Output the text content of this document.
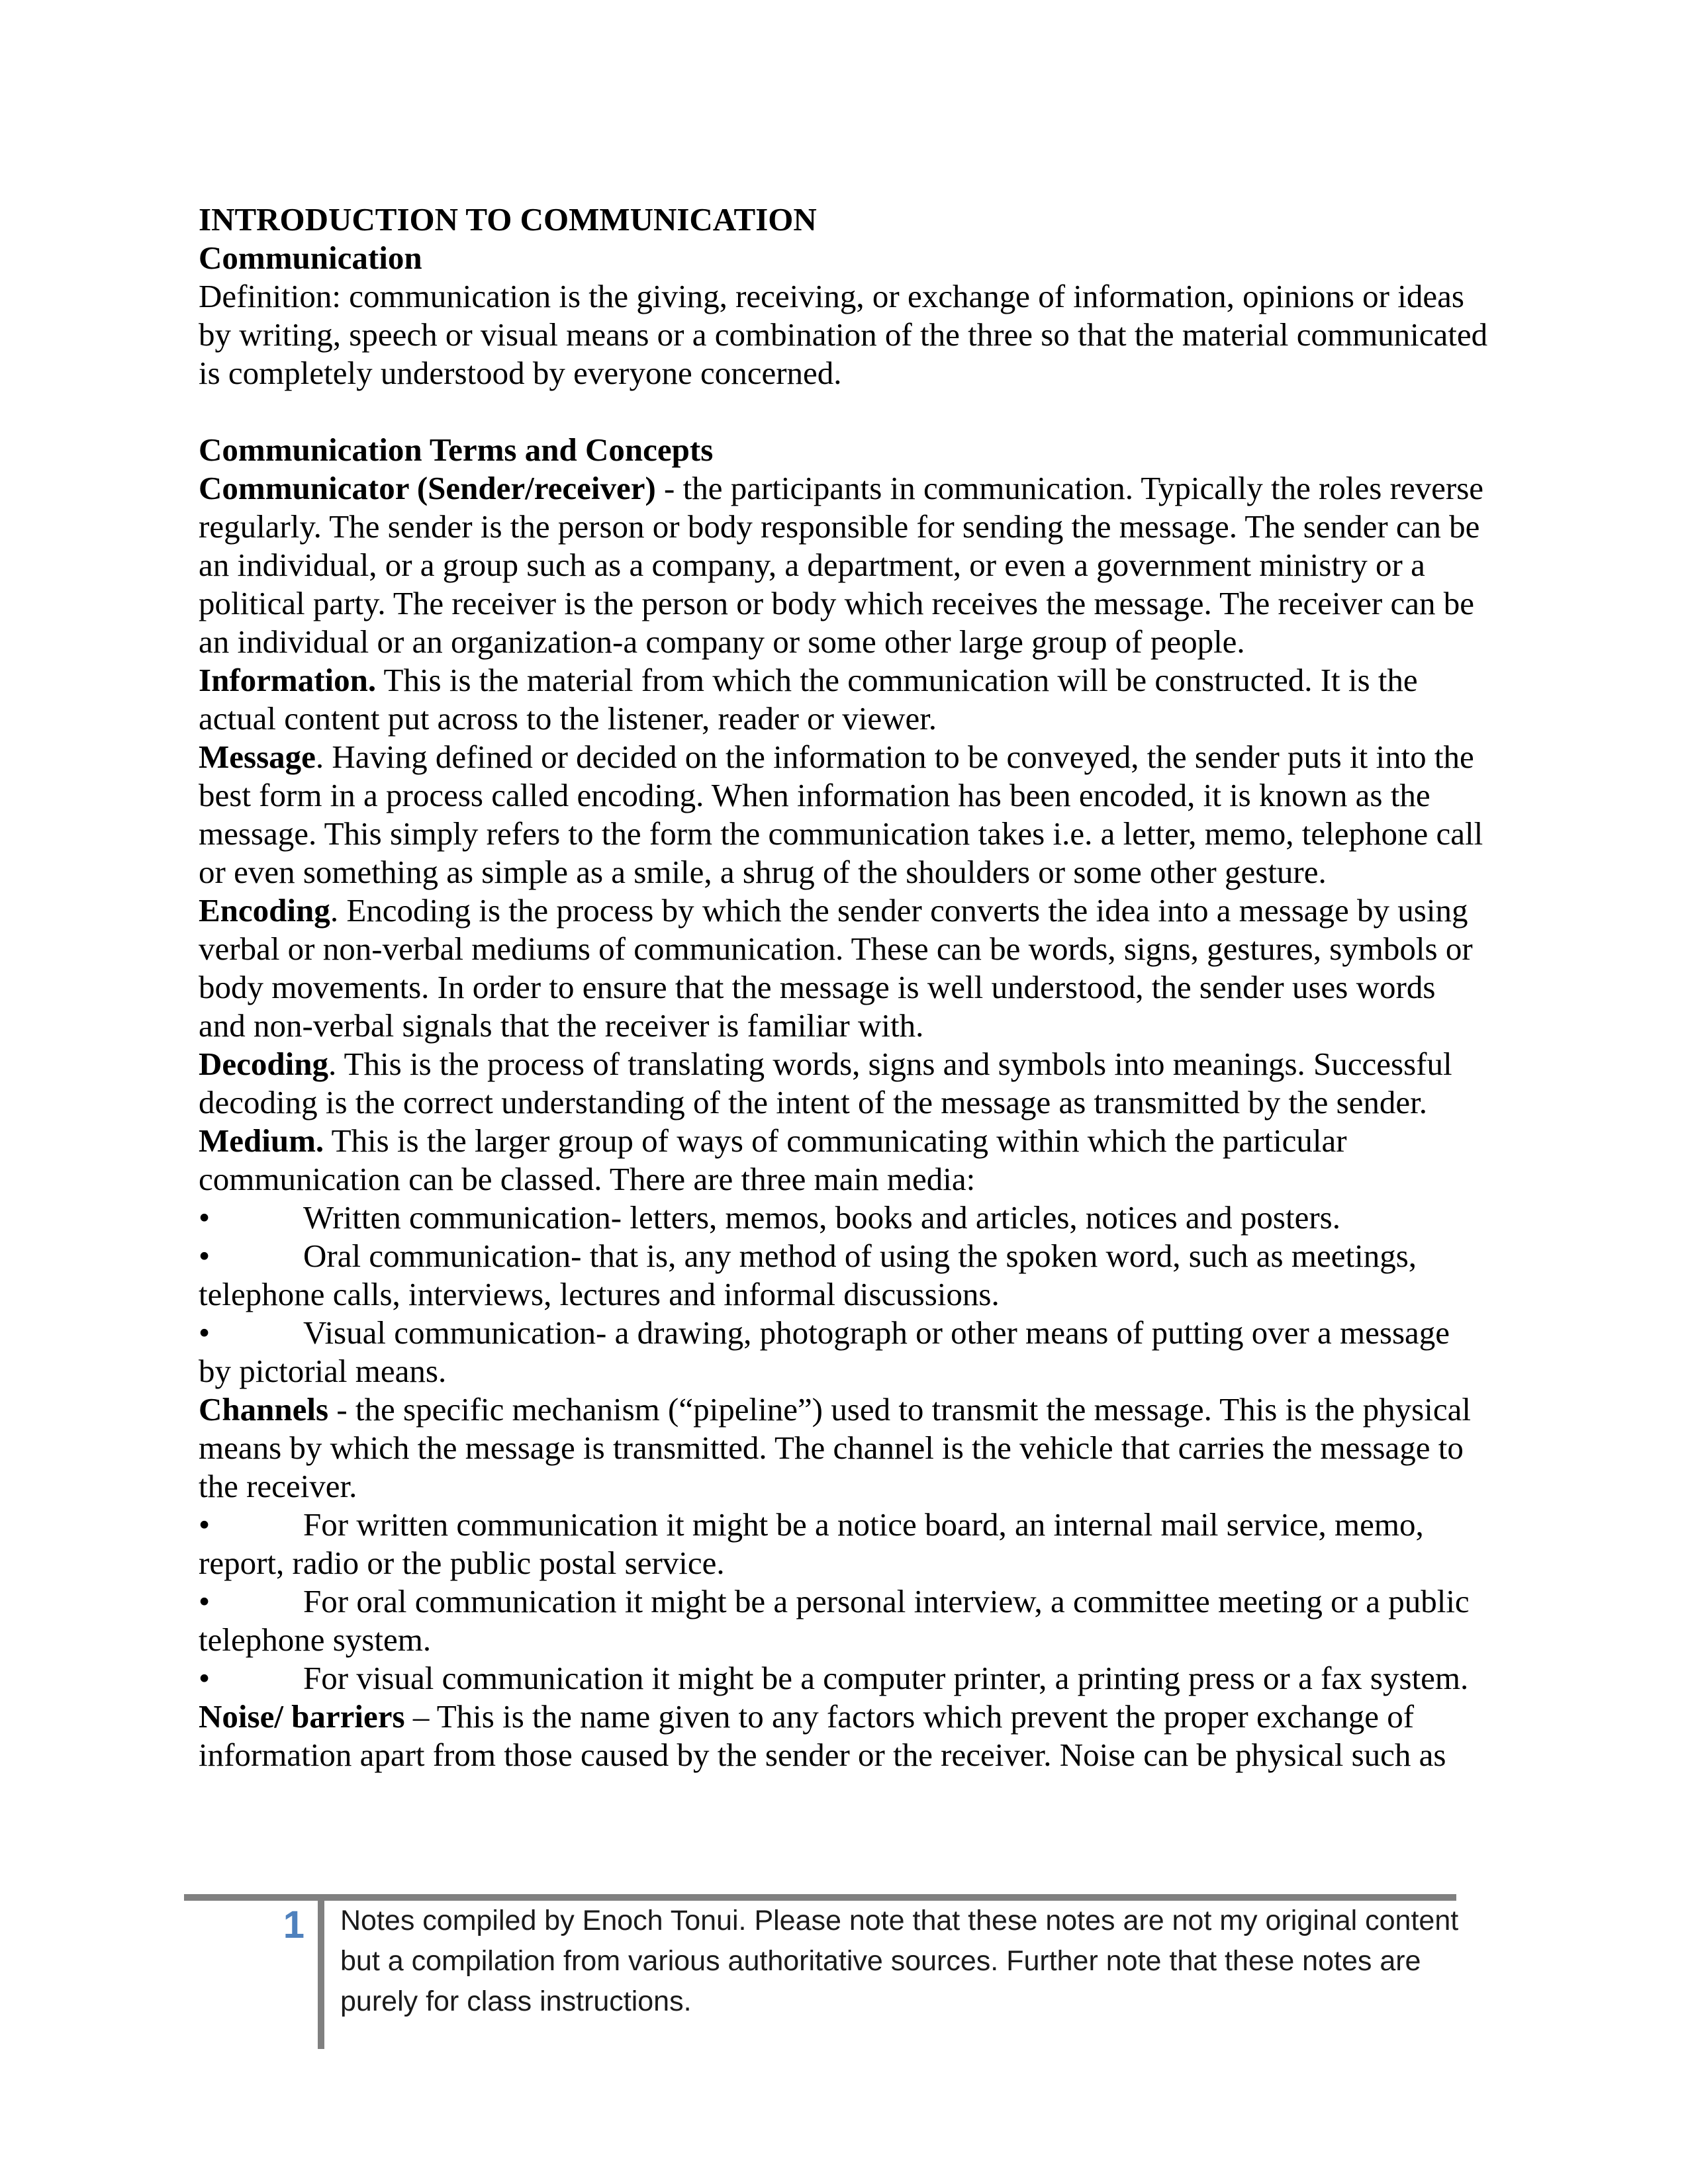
INTRODUCTION TO COMMUNICATION

Communication

Definition: communication is the giving, receiving, or exchange of information, opinions or ideas by writing, speech or visual means or a combination of the three so that the material communicated is completely understood by everyone concerned.

Communication Terms and Concepts

Communicator (Sender/receiver) - the participants in communication. Typically the roles reverse regularly. The sender is the person or body responsible for sending the message. The sender can be an individual, or a group such as a company, a department, or even a government ministry or a political party. The receiver is the person or body which receives the message. The receiver can be an individual or an organization-a company or some other large group of people.

Information. This is the material from which the communication will be constructed. It is the actual content put across to the listener, reader or viewer.

Message. Having defined or decided on the information to be conveyed, the sender puts it into the best form in a process called encoding. When information has been encoded, it is known as the message. This simply refers to the form the communication takes i.e. a letter, memo, telephone call or even something as simple as a smile, a shrug of the shoulders or some other gesture.

Encoding. Encoding is the process by which the sender converts the idea into a message by using verbal or non-verbal mediums of communication. These can be words, signs, gestures, symbols or body movements. In order to ensure that the message is well understood, the sender uses words and non-verbal signals that the receiver is familiar with.

Decoding. This is the process of translating words, signs and symbols into meanings. Successful decoding is the correct understanding of the intent of the message as transmitted by the sender.

Medium. This is the larger group of ways of communicating within which the particular communication can be classed. There are three main media:

•	Written communication- letters, memos, books and articles, notices and posters.

•	Oral communication- that is, any method of using the spoken word, such as meetings, telephone calls, interviews, lectures and informal discussions.

•	Visual communication- a drawing, photograph or other means of putting over a message by pictorial means.

Channels - the specific mechanism (“pipeline”) used to transmit the message. This is the physical means by which the message is transmitted. The channel is the vehicle that carries the message to the receiver.

•	For written communication it might be a notice board, an internal mail service, memo, report, radio or the public postal service.

•	For oral communication it might be a personal interview, a committee meeting or a public telephone system.

•	For visual communication it might be a computer printer, a printing press or a fax system.

Noise/ barriers – This is the name given to any factors which prevent the proper exchange of information apart from those caused by the sender or the receiver. Noise can be physical such as

1 Notes compiled by Enoch Tonui. Please note that these notes are not my original content but a compilation from various authoritative sources. Further note that these notes are purely for class instructions.
